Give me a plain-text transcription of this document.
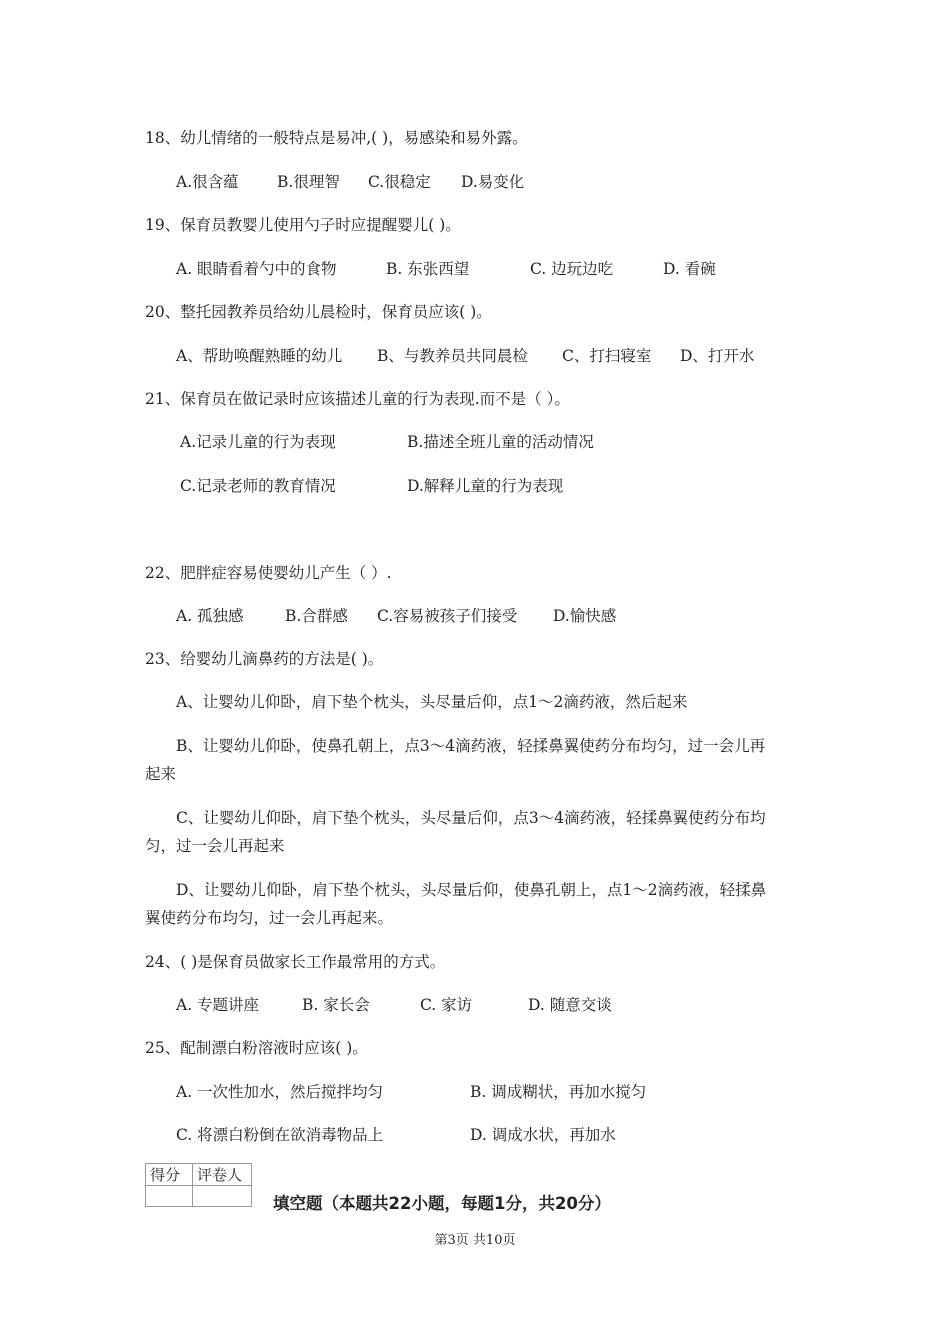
18、幼儿情绪的一般特点是易冲,( )，易感染和易外露。
A.很含蕴 B.很理智 C.很稳定 D.易变化
19、保育员教婴儿使用勺子时应提醒婴儿( )。
A. 眼睛看着勺中的食物	B. 东张西望	C. 边玩边吃	D. 看碗
20、整托园教养员给幼儿晨检时，保育员应该( )。
A、帮助唤醒熟睡的幼儿 B、与教养员共同晨检 C、打扫寝室 D、打开水
21、保育员在做记录时应该描述儿童的行为表现.而不是（ ）。
A.记录儿童的行为表现	B.描述全班儿童的活动情况
C.记录老师的教育情况	D.解释儿童的行为表现
22、肥胖症容易使婴幼儿产生（ ）.
A. 孤独感	B.合群感 C.容易被孩子们接受 D.愉快感
23、给婴幼儿滴鼻药的方法是( )。
A、让婴幼儿仰卧，肩下垫个枕头，头尽量后仰，点1～2滴药液，然后起来
B、让婴幼儿仰卧，使鼻孔朝上，点3～4滴药液，轻揉鼻翼使药分布均匀，过一会儿再
起来
C、让婴幼儿仰卧，肩下垫个枕头，头尽量后仰，点3～4滴药液，轻揉鼻翼使药分布均
匀，过一会儿再起来
D、让婴幼儿仰卧，肩下垫个枕头，头尽量后仰，使鼻孔朝上，点1～2滴药液，轻揉鼻
翼使药分布均匀，过一会儿再起来。
24、( )是保育员做家长工作最常用的方式。
A. 专题讲座	B. 家长会	C. 家访	D. 随意交谈
25、配制漂白粉溶液时应该( )。
A. 一次性加水，然后搅拌均匀	B. 调成糊状，再加水搅匀
C. 将漂白粉倒在欲消毒物品上	D. 调成水状，再加水
得分	评卷人

填空题（本题共22小题，每题1分，共20分）
第3页 共10页
